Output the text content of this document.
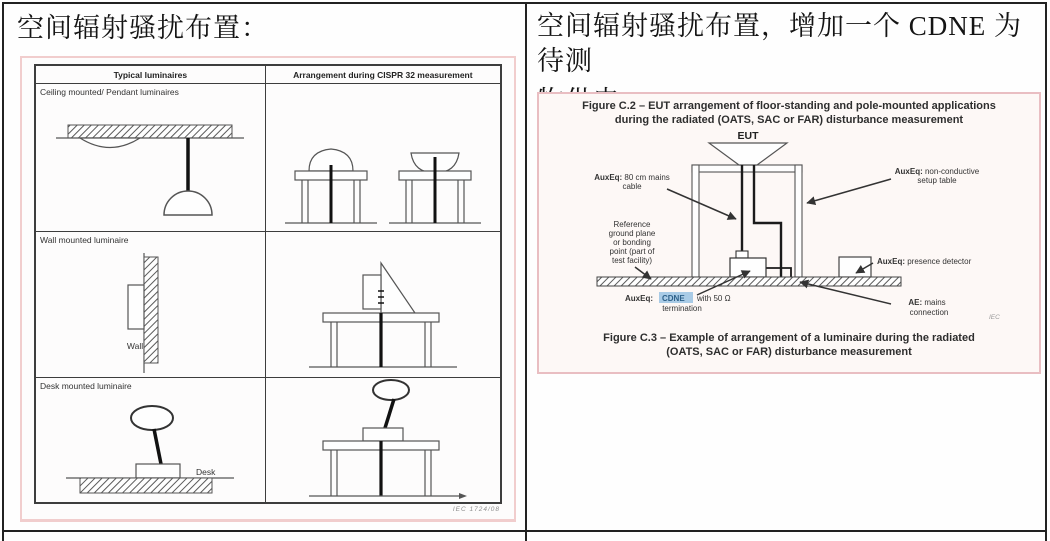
空间辐射骚扰布置：
Typical luminaires	Arrangement during CISPR 32 measurement
Ceiling mounted/ Pendant luminaires
Wall mounted luminaire
Wall
Desk mounted luminaire
Desk
IEC 1724/08
空间辐射骚扰布置，增加一个 CDNE 为待测
Figure C.2 – EUT arrangement of floor-standing and pole-mounted applications
during the radiated (OATS, SAC or FAR) disturbance measurement
EUT
AuxEq: 80 cm mains
cable
AuxEq: non-conductive
setup table
Reference
ground plane
or bonding
point (part of
test facility)	AuxEq: presence detector
AuxEq: CDNE with 50 Ω
termination
AE: mains
connection
IEC
Figure C.3 – Example of arrangement of a luminaire during the radiated
(OATS, SAC or FAR) disturbance measurement
